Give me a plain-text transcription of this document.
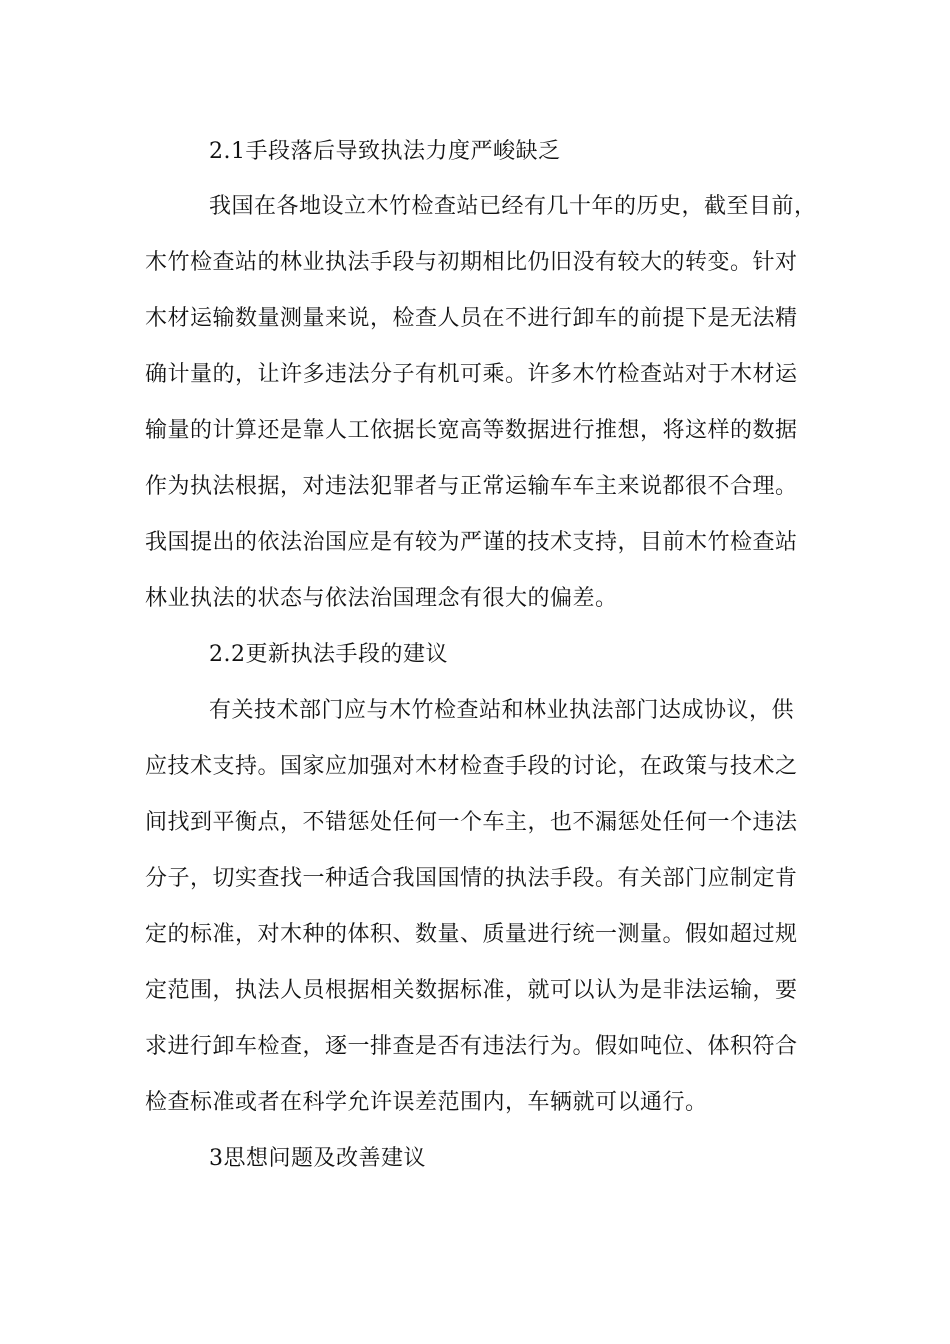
2.1手段落后导致执法力度严峻缺乏
我国在各地设立木竹检查站已经有几十年的历史，截至目前，
木竹检查站的林业执法手段与初期相比仍旧没有较大的转变。针对
木材运输数量测量来说，检查人员在不进行卸车的前提下是无法精
确计量的，让许多违法分子有机可乘。许多木竹检查站对于木材运
输量的计算还是靠人工依据长宽高等数据进行推想，将这样的数据
作为执法根据，对违法犯罪者与正常运输车车主来说都很不合理。
我国提出的依法治国应是有较为严谨的技术支持，目前木竹检查站
林业执法的状态与依法治国理念有很大的偏差。
2.2更新执法手段的建议
有关技术部门应与木竹检查站和林业执法部门达成协议，供
应技术支持。国家应加强对木材检查手段的讨论，在政策与技术之
间找到平衡点，不错惩处任何一个车主，也不漏惩处任何一个违法
分子，切实查找一种适合我国国情的执法手段。有关部门应制定肯
定的标准，对木种的体积、数量、质量进行统一测量。假如超过规
定范围，执法人员根据相关数据标准，就可以认为是非法运输，要
求进行卸车检查，逐一排查是否有违法行为。假如吨位、体积符合
检查标准或者在科学允许误差范围内，车辆就可以通行。
3思想问题及改善建议
